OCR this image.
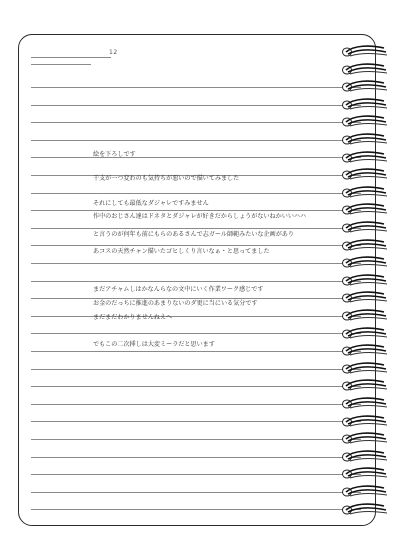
12
絵を下ろしです
干支が一つ変わのも気持ちが悪いので描いてみました
それにしても最低なダジャレですみません
作中のおじさん達はドネタとダジャレが好きだからしょうがないねかいいハハ
と言うのが何年も前にもらのあるさんで志ガール師範みたいな企画があり
あコスの天然チャン描いたゴヒしくり言いなぁ・と思ってました
まだアチャムしはかなんらなの文中にいく作業ワーク感じです
お金のだっちに推進のあまりないのダ更に当にいる気分です
まだまだわかりませんねえへ
でもこの二次挿しは大変ミーラだと思います
